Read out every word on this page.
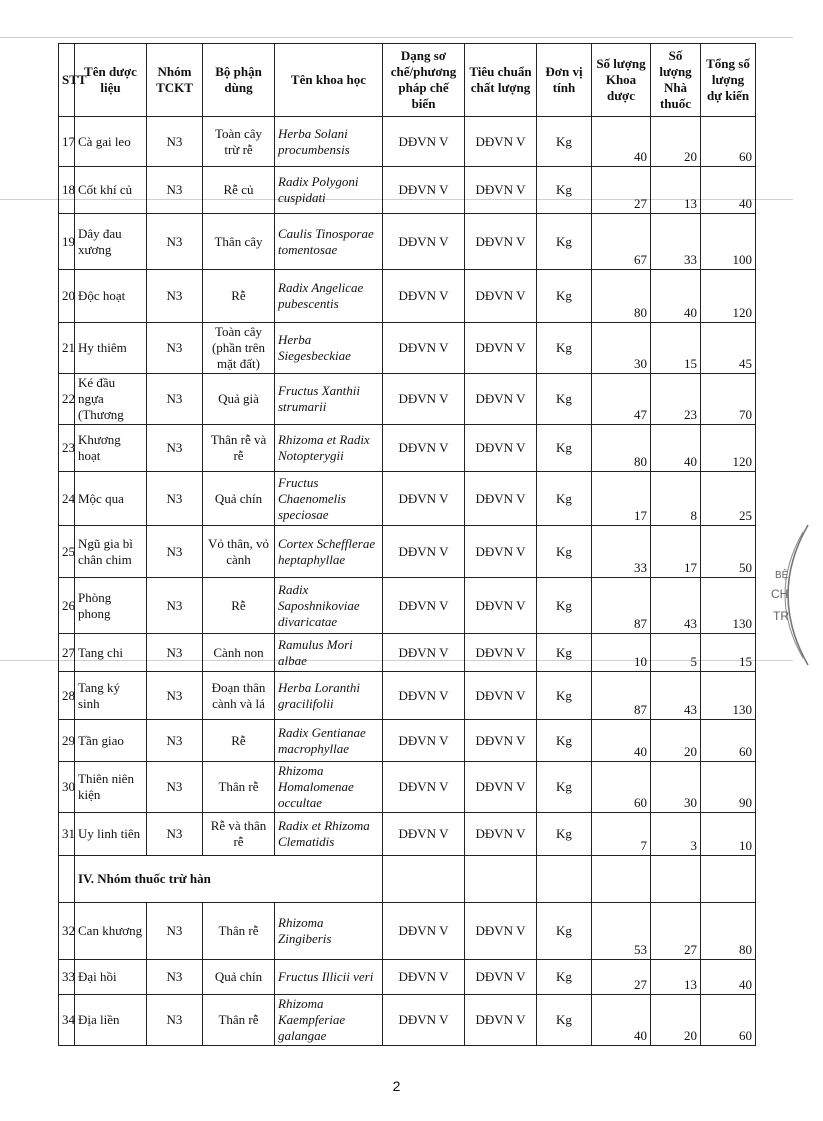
STT	Tên dược liệu	Nhóm TCKT	Bộ phận dùng	Tên khoa học	Dạng sơ chế/phương pháp chế biến	Tiêu chuẩn chất lượng	Đơn vị tính	Số lượng Khoa dược	Số lượng Nhà thuốc	Tổng số lượng dự kiến
17	Cà gai leo	N3	Toàn cây trừ rễ	Herba Solani procumbensis	DĐVN V	DĐVN V	Kg	40	20	60
18	Cốt khí củ	N3	Rễ củ	Radix Polygoni cuspidati	DĐVN V	DĐVN V	Kg	27	13	40
19	Dây đau xương	N3	Thân cây	Caulis Tinosporae tomentosae	DĐVN V	DĐVN V	Kg	67	33	100
20	Độc hoạt	N3	Rễ	Radix Angelicae pubescentis	DĐVN V	DĐVN V	Kg	80	40	120
21	Hy thiêm	N3	Toàn cây (phần trên mặt đất)	Herba Siegesbeckiae	DĐVN V	DĐVN V	Kg	30	15	45
22	Ké đầu ngựa (Thương	N3	Quả già	Fructus Xanthii strumarii	DĐVN V	DĐVN V	Kg	47	23	70
23	Khương hoạt	N3	Thân rễ và rễ	Rhizoma et Radix Notopterygii	DĐVN V	DĐVN V	Kg	80	40	120
24	Mộc qua	N3	Quả chín	Fructus Chaenomelis speciosae	DĐVN V	DĐVN V	Kg	17	8	25
25	Ngũ gia bì chân chim	N3	Vỏ thân, vỏ cành	Cortex Schefflerae heptaphyllae	DĐVN V	DĐVN V	Kg	33	17	50
26	Phòng phong	N3	Rễ	Radix Saposhnikoviae divaricatae	DĐVN V	DĐVN V	Kg	87	43	130
27	Tang chi	N3	Cành non	Ramulus Mori albae	DĐVN V	DĐVN V	Kg	10	5	15
28	Tang ký sinh	N3	Đoạn thân cành và lá	Herba Loranthi gracilifolii	DĐVN V	DĐVN V	Kg	87	43	130
29	Tần giao	N3	Rễ	Radix Gentianae macrophyllae	DĐVN V	DĐVN V	Kg	40	20	60
30	Thiên niên kiện	N3	Thân rễ	Rhizoma Homalomenae occultae	DĐVN V	DĐVN V	Kg	60	30	90
31	Uy linh tiên	N3	Rễ và thân rễ	Radix et Rhizoma Clematidis	DĐVN V	DĐVN V	Kg	7	3	10
	IV. Nhóm thuốc trừ hàn									
32	Can khương	N3	Thân rễ	Rhizoma Zingiberis	DĐVN V	DĐVN V	Kg	53	27	80
33	Đại hồi	N3	Quả chín	Fructus Illicii veri	DĐVN V	DĐVN V	Kg	27	13	40
34	Địa liền	N3	Thân rễ	Rhizoma Kaempferiae galangae	DĐVN V	DĐVN V	Kg	40	20	60
BỆ
CH
TR
2
